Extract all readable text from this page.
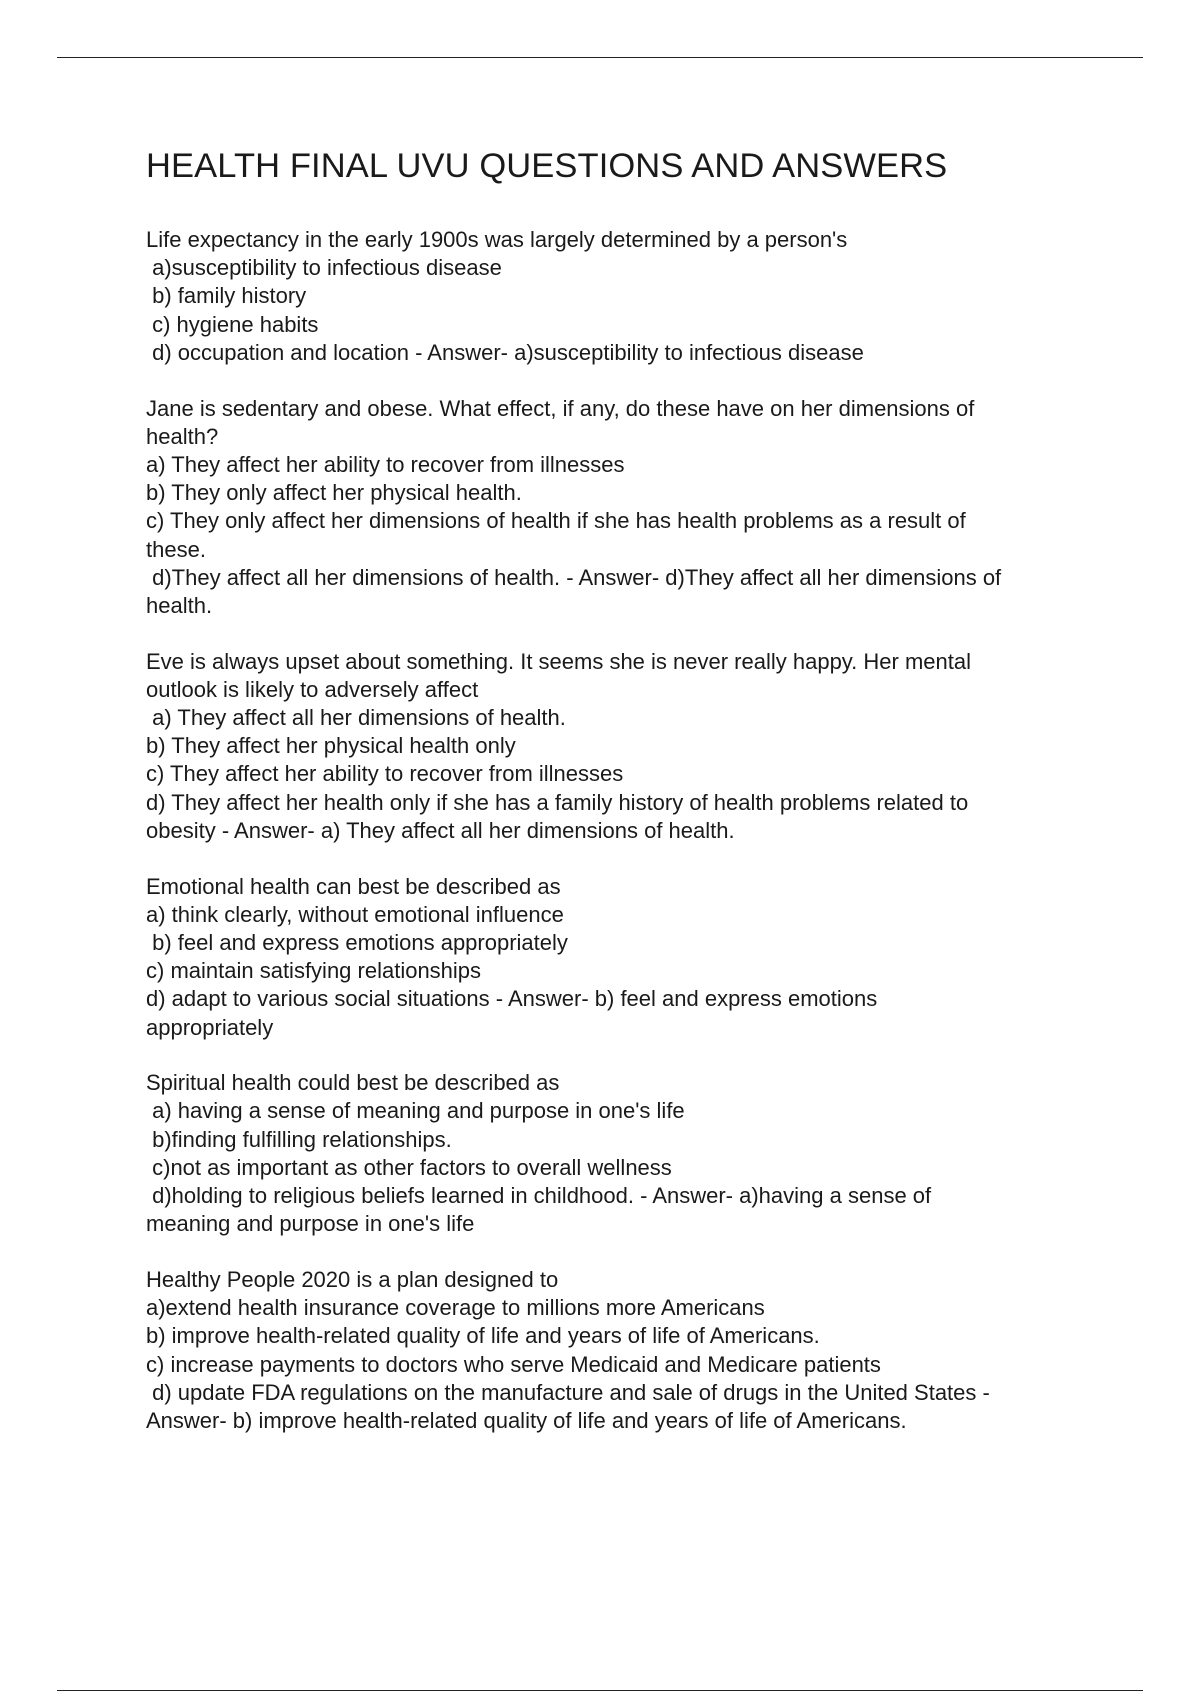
HEALTH FINAL UVU QUESTIONS AND ANSWERS
Life expectancy in the early 1900s was largely determined by a person's
a)susceptibility to infectious disease
b) family history
c) hygiene habits
d) occupation and location - Answer- a)susceptibility to infectious disease
Jane is sedentary and obese. What effect, if any, do these have on her dimensions of
health?
a) They affect her ability to recover from illnesses
b) They only affect her physical health.
c) They only affect her dimensions of health if she has health problems as a result of
these.
d)They affect all her dimensions of health. - Answer- d)They affect all her dimensions of
health.
Eve is always upset about something. It seems she is never really happy. Her mental
outlook is likely to adversely affect
a) They affect all her dimensions of health.
b) They affect her physical health only
c) They affect her ability to recover from illnesses
d) They affect her health only if she has a family history of health problems related to
obesity - Answer- a) They affect all her dimensions of health.
Emotional health can best be described as
a) think clearly, without emotional influence
b) feel and express emotions appropriately
c) maintain satisfying relationships
d) adapt to various social situations - Answer- b) feel and express emotions
appropriately
Spiritual health could best be described as
a) having a sense of meaning and purpose in one's life
b)finding fulfilling relationships.
c)not as important as other factors to overall wellness
d)holding to religious beliefs learned in childhood. - Answer- a)having a sense of
meaning and purpose in one's life
Healthy People 2020 is a plan designed to
a)extend health insurance coverage to millions more Americans
b) improve health-related quality of life and years of life of Americans.
c) increase payments to doctors who serve Medicaid and Medicare patients
d) update FDA regulations on the manufacture and sale of drugs in the United States -
Answer- b) improve health-related quality of life and years of life of Americans.
